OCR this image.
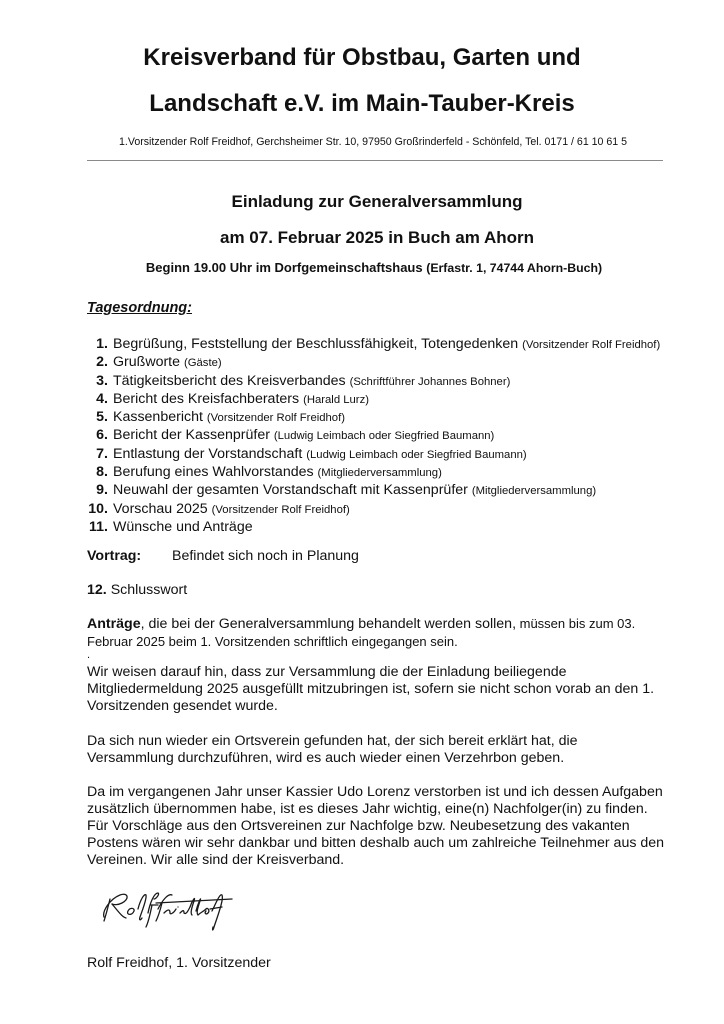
Kreisverband für Obstbau, Garten und
Landschaft e.V. im Main-Tauber-Kreis
1.Vorsitzender Rolf Freidhof, Gerchsheimer Str. 10, 97950 Großrinderfeld - Schönfeld, Tel. 0171 / 61 10 61 5
Einladung zur Generalversammlung
am 07. Februar 2025 in Buch am Ahorn
Beginn 19.00 Uhr im Dorfgemeinschaftshaus (Erfastr. 1, 74744 Ahorn-Buch)
Tagesordnung:
1. Begrüßung, Feststellung der Beschlussfähigkeit, Totengedenken (Vorsitzender Rolf Freidhof)
2. Grußworte (Gäste)
3. Tätigkeitsbericht des Kreisverbandes (Schriftführer Johannes Bohner)
4. Bericht des Kreisfachberaters (Harald Lurz)
5. Kassenbericht (Vorsitzender Rolf Freidhof)
6. Bericht der Kassenprüfer (Ludwig Leimbach oder Siegfried Baumann)
7. Entlastung der Vorstandschaft (Ludwig Leimbach oder Siegfried Baumann)
8. Berufung eines Wahlvorstandes (Mitgliederversammlung)
9. Neuwahl der gesamten Vorstandschaft mit Kassenprüfer (Mitgliederversammlung)
10. Vorschau 2025 (Vorsitzender Rolf Freidhof)
11. Wünsche und Anträge
Vortrag: Befindet sich noch in Planung
12. Schlusswort
Anträge, die bei der Generalversammlung behandelt werden sollen, müssen bis zum 03. Februar 2025 beim 1. Vorsitzenden schriftlich eingegangen sein.
.
Wir weisen darauf hin, dass zur Versammlung die der Einladung beiliegende Mitgliedermeldung 2025 ausgefüllt mitzubringen ist, sofern sie nicht schon vorab an den 1. Vorsitzenden gesendet wurde.
Da sich nun wieder ein Ortsverein gefunden hat, der sich bereit erklärt hat, die Versammlung durchzuführen, wird es auch wieder einen Verzehrbon geben.
Da im vergangenen Jahr unser Kassier Udo Lorenz verstorben ist und ich dessen Aufgaben zusätzlich übernommen habe, ist es dieses Jahr wichtig, eine(n) Nachfolger(in) zu finden. Für Vorschläge aus den Ortsvereinen zur Nachfolge bzw. Neubesetzung des vakanten Postens wären wir sehr dankbar und bitten deshalb auch um zahlreiche Teilnehmer aus den Vereinen. Wir alle sind der Kreisverband.
Rolf Freidhof, 1. Vorsitzender
